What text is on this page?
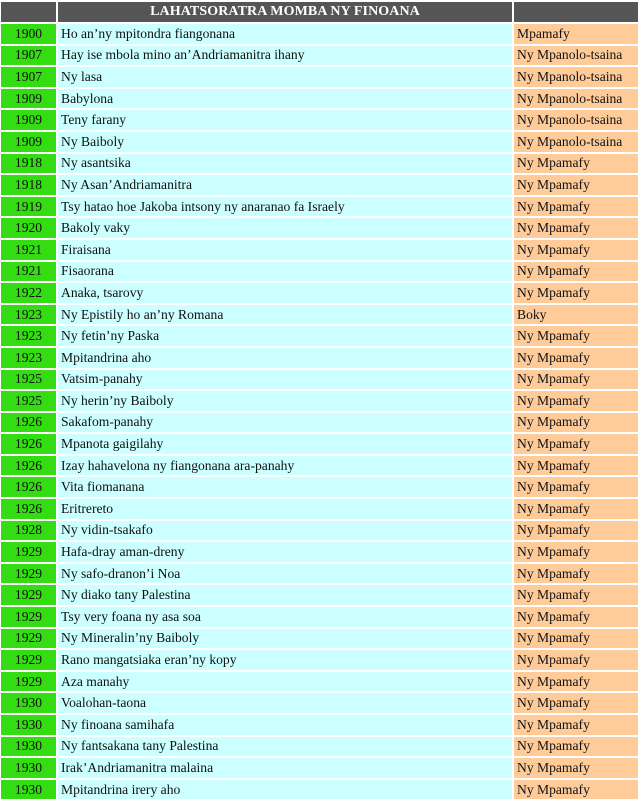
	LAHATSORATRA MOMBA NY FINOANA	
1900	Ho an’ny mpitondra fiangonana	Mpamafy
1907	Hay ise mbola mino an’Andriamanitra ihany	Ny Mpanolo-tsaina
1907	Ny lasa	Ny Mpanolo-tsaina
1909	Babylona	Ny Mpanolo-tsaina
1909	Teny farany	Ny Mpanolo-tsaina
1909	Ny Baiboly	Ny Mpanolo-tsaina
1918	Ny asantsika	Ny Mpamafy
1918	Ny Asan’Andriamanitra	Ny Mpamafy
1919	Tsy hatao hoe Jakoba intsony ny anaranao fa Israely	Ny Mpamafy
1920	Bakoly vaky	Ny Mpamafy
1921	Firaisana	Ny Mpamafy
1921	Fisaorana	Ny Mpamafy
1922	Anaka, tsarovy	Ny Mpamafy
1923	Ny Epistily ho an’ny Romana	Boky
1923	Ny fetin’ny Paska	Ny Mpamafy
1923	Mpitandrina aho	Ny Mpamafy
1925	Vatsim-panahy	Ny Mpamafy
1925	Ny herin’ny Baiboly	Ny Mpamafy
1926	Sakafom-panahy	Ny Mpamafy
1926	Mpanota gaigilahy	Ny Mpamafy
1926	Izay hahavelona ny fiangonana ara-panahy	Ny Mpamafy
1926	Vita fiomanana	Ny Mpamafy
1926	Eritrereto	Ny Mpamafy
1928	Ny vidin-tsakafo	Ny Mpamafy
1929	Hafa-dray aman-dreny	Ny Mpamafy
1929	Ny safo-dranon’i Noa	Ny Mpamafy
1929	Ny diako tany Palestina	Ny Mpamafy
1929	Tsy very foana ny asa soa	Ny Mpamafy
1929	Ny Mineralin’ny Baiboly	Ny Mpamafy
1929	Rano mangatsiaka eran’ny kopy	Ny Mpamafy
1929	Aza manahy	Ny Mpamafy
1930	Voalohan-taona	Ny Mpamafy
1930	Ny finoana samihafa	Ny Mpamafy
1930	Ny fantsakana tany Palestina	Ny Mpamafy
1930	Irak’Andriamanitra malaina	Ny Mpamafy
1930	Mpitandrina irery aho	Ny Mpamafy
